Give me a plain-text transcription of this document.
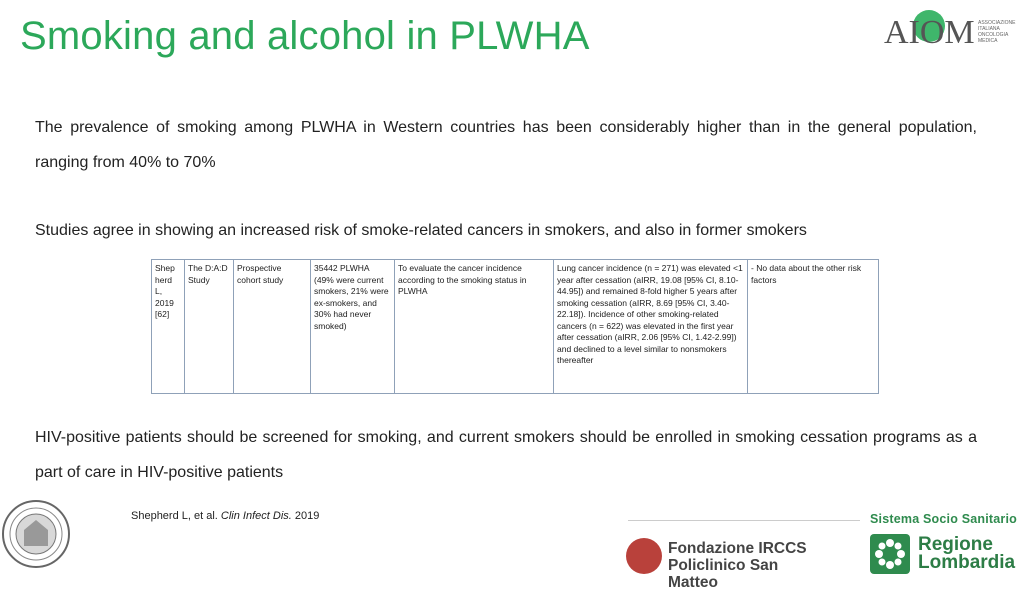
Smoking and alcohol in PLWHA	AIOM ASSOCIAZIONE ITALIANA ONCOLOGIA MEDICA
The prevalence of smoking among PLWHA in Western countries has been considerably higher than in the general population, ranging from 40% to 70%
Studies agree in showing an increased risk of smoke-related cancers in smokers, and also in former smokers
Shep herd L, 2019 [62]	The D:A:D Study	Prospective cohort study	35442 PLWHA (49% were current smokers, 21% were ex-smokers, and 30% had never smoked)	To evaluate the cancer incidence according to the smoking status in PLWHA	Lung cancer incidence (n = 271) was elevated <1 year after cessation (aIRR, 19.08 [95% CI, 8.10-44.95]) and remained 8-fold higher 5 years after smoking cessation (aIRR, 8.69 [95% CI, 3.40-22.18]). Incidence of other smoking-related cancers (n = 622) was elevated in the first year after cessation (aIRR, 2.06 [95% CI, 1.42-2.99]) and declined to a level similar to nonsmokers thereafter	- No data about the other risk factors
HIV-positive patients should be screened for smoking, and current smokers should be enrolled in smoking cessation programs as a part of care in HIV-positive patients
Shepherd L, et al. Clin Infect Dis. 2019	Sistema Socio Sanitario
Fondazione IRCCS
Policlinico San Matteo
Regione
Lombardia
